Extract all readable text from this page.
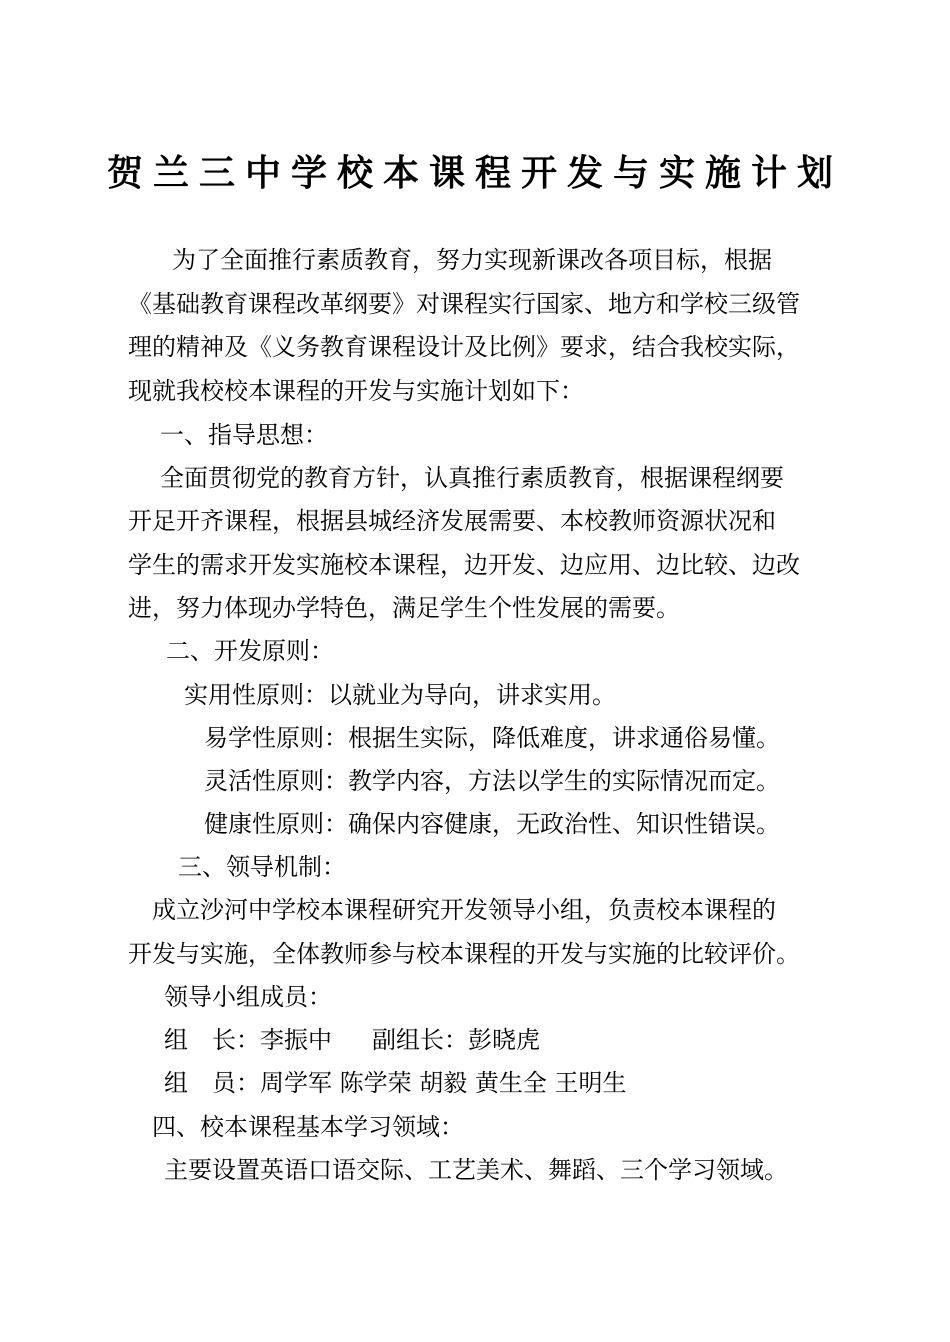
贺兰三中学校本课程开发与实施计划
为了全面推行素质教育，努力实现新课改各项目标，根据
《基础教育课程改革纲要》对课程实行国家、地方和学校三级管
理的精神及《义务教育课程设计及比例》要求，结合我校实际，
现就我校校本课程的开发与实施计划如下：
一、指导思想：
全面贯彻党的教育方针，认真推行素质教育，根据课程纲要
开足开齐课程，根据县城经济发展需要、本校教师资源状况和
学生的需求开发实施校本课程，边开发、边应用、边比较、边改
进，努力体现办学特色，满足学生个性发展的需要。
二、开发原则：
实用性原则：以就业为导向，讲求实用。
易学性原则：根据生实际，降低难度，讲求通俗易懂。
灵活性原则：教学内容，方法以学生的实际情况而定。
健康性原则：确保内容健康，无政治性、知识性错误。
三、领导机制：
成立沙河中学校本课程研究开发领导小组，负责校本课程的
开发与实施，全体教师参与校本课程的开发与实施的比较评价。
领导小组成员：
组　长：李振中 副组长：彭晓虎
组　员：周学军 陈学荣 胡毅 黄生全 王明生
四、校本课程基本学习领域：
主要设置英语口语交际、工艺美术、舞蹈、三个学习领域。
